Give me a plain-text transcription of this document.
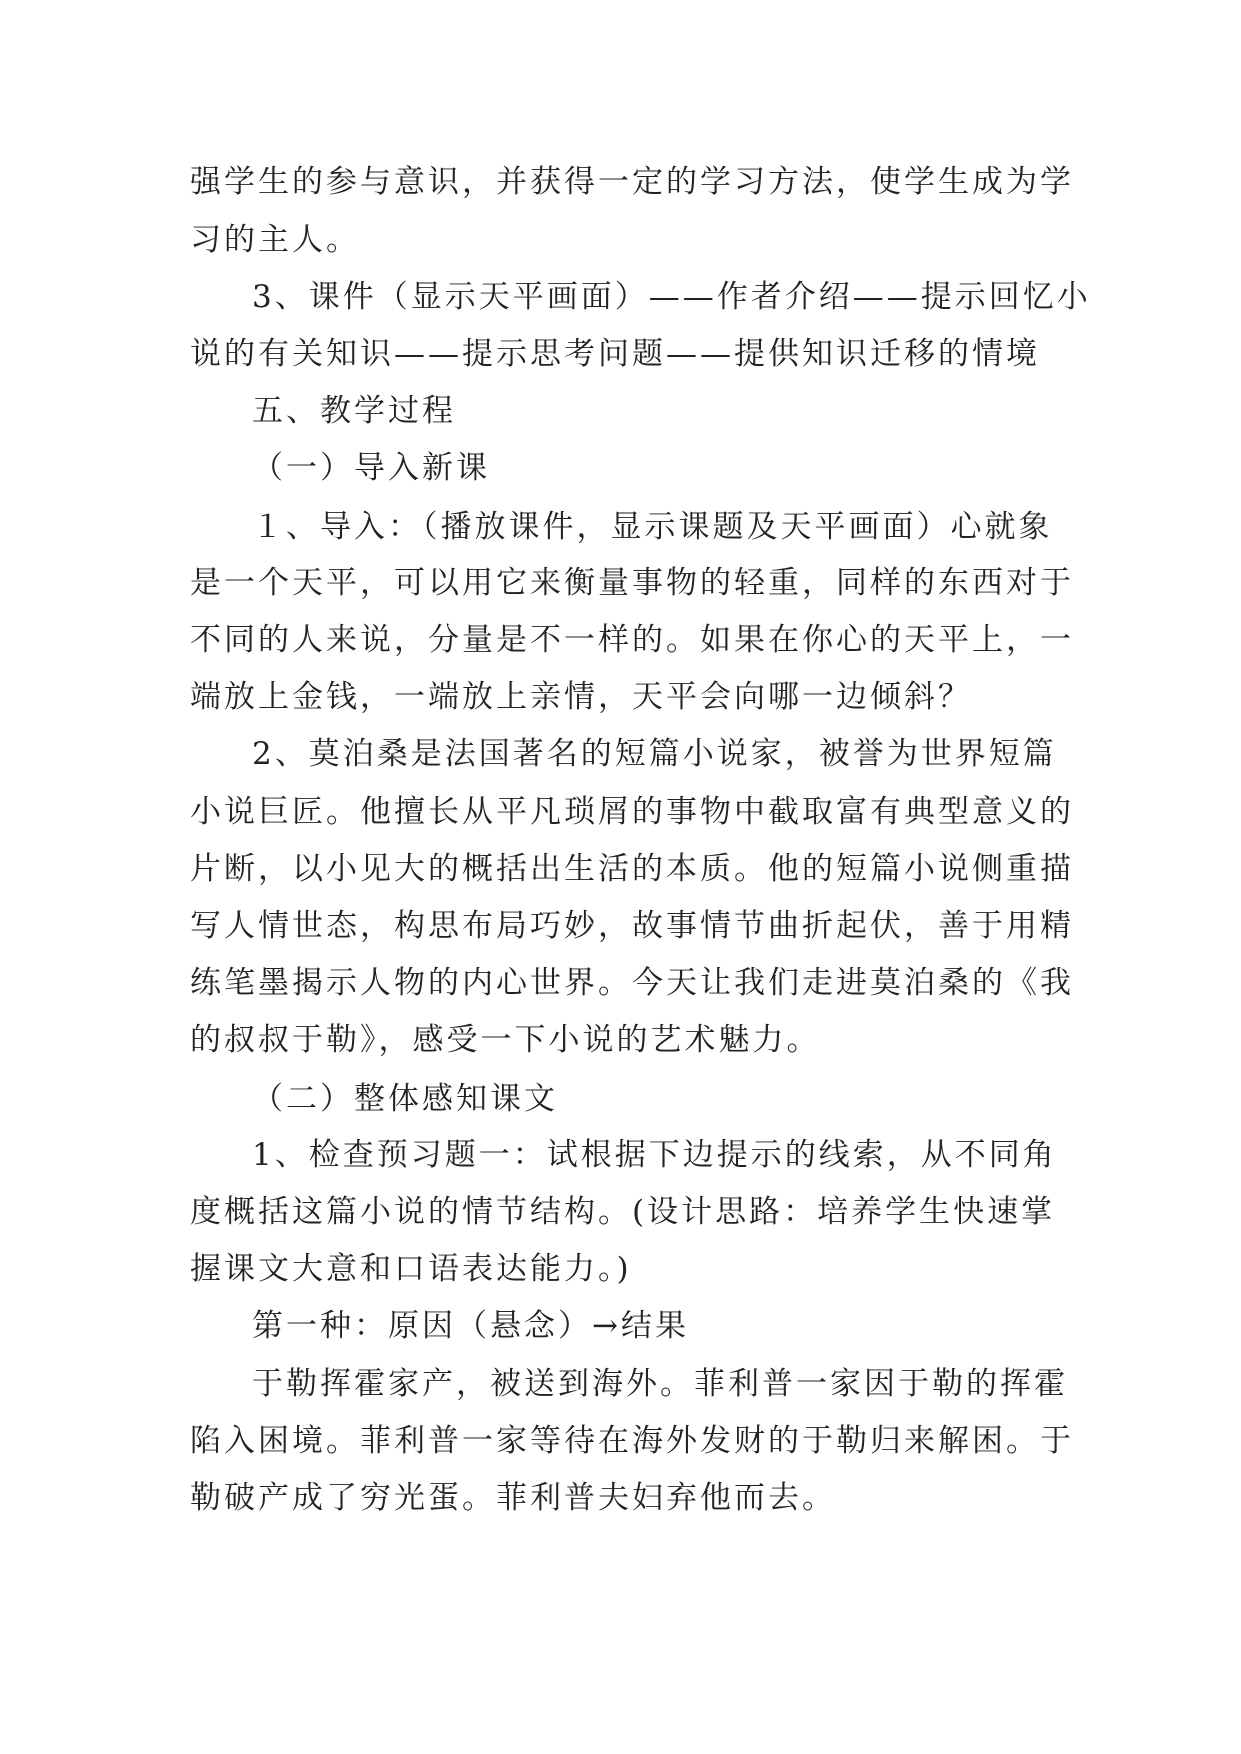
强学生的参与意识，并获得一定的学习方法，使学生成为学
习的主人。
3、课件（显示天平画面）——作者介绍——提示回忆小
说的有关知识——提示思考问题——提供知识迁移的情境
五、教学过程
（一）导入新课
１、导入：（播放课件，显示课题及天平画面）心就象
是一个天平，可以用它来衡量事物的轻重，同样的东西对于
不同的人来说，分量是不一样的。如果在你心的天平上，一
端放上金钱，一端放上亲情，天平会向哪一边倾斜？
2、莫泊桑是法国著名的短篇小说家，被誉为世界短篇
小说巨匠。他擅长从平凡琐屑的事物中截取富有典型意义的
片断，以小见大的概括出生活的本质。他的短篇小说侧重描
写人情世态，构思布局巧妙，故事情节曲折起伏，善于用精
练笔墨揭示人物的内心世界。今天让我们走进莫泊桑的《我
的叔叔于勒》，感受一下小说的艺术魅力。
（二）整体感知课文
1、检查预习题一：试根据下边提示的线索，从不同角
度概括这篇小说的情节结构。(设计思路：培养学生快速掌
握课文大意和口语表达能力。)
第一种：原因（悬念）→结果
于勒挥霍家产，被送到海外。菲利普一家因于勒的挥霍
陷入困境。菲利普一家等待在海外发财的于勒归来解困。于
勒破产成了穷光蛋。菲利普夫妇弃他而去。
